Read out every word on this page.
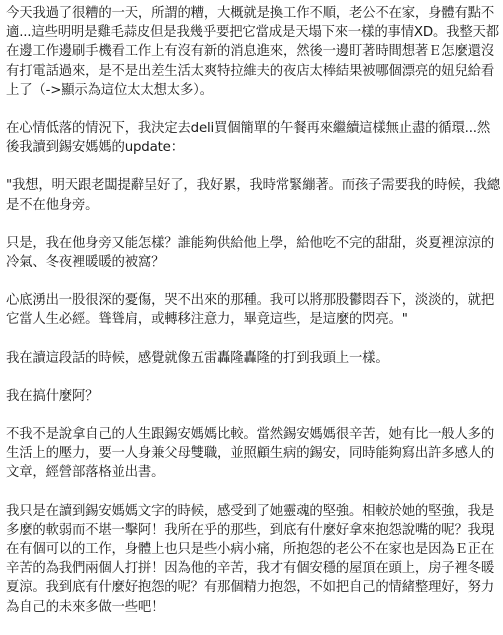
今天我過了很糟的一天，所謂的糟，大概就是換工作不順，老公不在家，身體有點不適...這些明明是雞毛蒜皮但是我幾乎要把它當成是天塌下來一樣的事情XD。我整天都在邊工作邊刷手機看工作上有沒有新的消息進來，然後一邊盯著時間想著Ｅ怎麼還沒有打電話過來，是不是出差生活太爽特拉維夫的夜店太棒結果被哪個漂亮的妞兒給看上了（->顯示為這位太太想太多）。

在心情低落的情況下，我決定去deli買個簡單的午餐再來繼續這樣無止盡的循環...然後我讀到錫安媽媽的update：

"我想，明天跟老闆提辭呈好了，我好累，我時常緊繃著。而孩子需要我的時候，我總是不在他身旁。

只是，我在他身旁又能怎樣？誰能夠供給他上學，給他吃不完的甜甜，炎夏裡涼涼的冷氣、冬夜裡暖暖的被窩？

心底湧出一股很深的憂傷，哭不出來的那種。我可以將那股鬱悶吞下，淡淡的，就把它當人生必經。聳聳肩，或轉移注意力，畢竟這些，是這麼的閃亮。"

我在讀這段話的時候，感覺就像五雷轟隆轟隆的打到我頭上一樣。

我在搞什麼阿？

不我不是說拿自己的人生跟錫安媽媽比較。當然錫安媽媽很辛苦，她有比一般人多的生活上的壓力，要一人身兼父母雙職，並照顧生病的錫安，同時能夠寫出許多感人的文章，經營部落格並出書。

我只是在讀到錫安媽媽文字的時候，感受到了她靈魂的堅強。相較於她的堅強，我是多麼的軟弱而不堪一擊阿！我所在乎的那些，到底有什麼好拿來抱怨說嘴的呢？我現在有個可以的工作，身體上也只是些小病小痛，所抱怨的老公不在家也是因為Ｅ正在辛苦的為我們兩個人打拼！因為他的辛苦，我才有個安穩的屋頂在頭上，房子裡冬暖夏涼。我到底有什麼好抱怨的呢？有那個精力抱怨，不如把自己的情緒整理好，努力為自己的未來多做一些吧！
